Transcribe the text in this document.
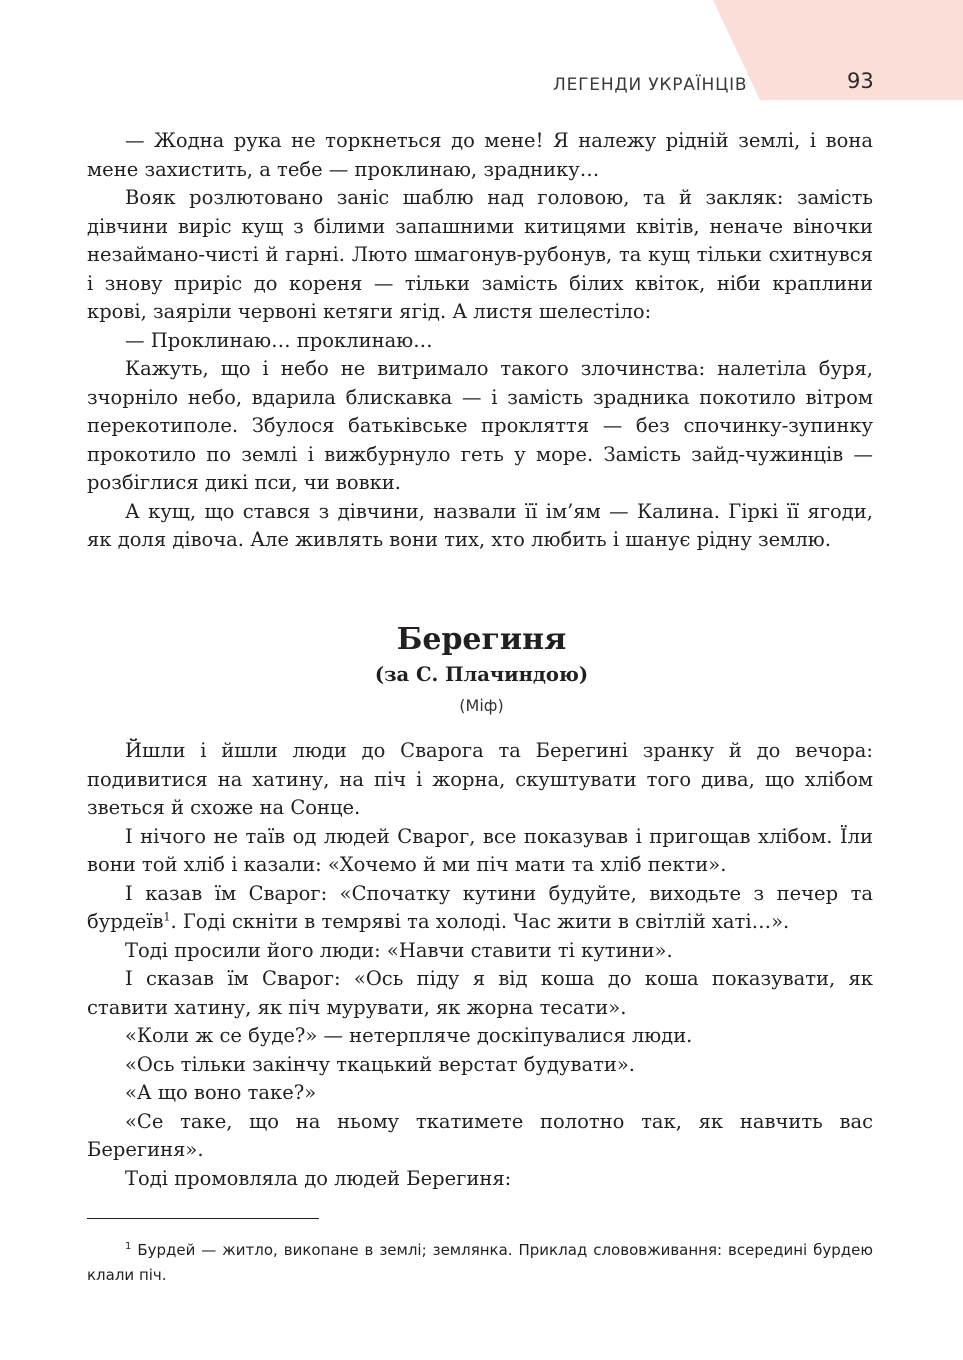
ЛЕГЕНДИ УКРАЇНЦІВ	93

— Жодна рука не торкнеться до мене! Я належу рідній землі, і вона мене захистить, а тебе — проклинаю, зраднику…

Вояк розлютовано заніс шаблю над головою, та й закляк: замість дівчини виріс кущ з білими запашними китицями квітів, неначе віночки незаймано-чисті й гарні. Люто шмагонув-рубонув, та кущ тільки схитнувся і знову приріс до кореня — тільки замість білих квіток, ніби краплини крові, заяріли червоні кетяги ягід. А листя шелестіло:

— Проклинаю… проклинаю…

Кажуть, що і небо не витримало такого злочинства: налетіла буря, зчорніло небо, вдарила блискавка — і замість зрадника покотило вітром перекотиполе. Збулося батьківське прокляття — без спочинку-зупинку прокотило по землі і вижбурнуло геть у море. Замість зайд-чужинців — розбіглися дикі пси, чи вовки.

А кущ, що стався з дівчини, назвали її ім’ям — Калина. Гіркі її ягоди, як доля дівоча. Але живлять вони тих, хто любить і шанує рідну землю.

Берегиня
(за С. Плачиндою)
(Міф)

Йшли і йшли люди до Сварога та Берегині зранку й до вечора: подивитися на хатину, на піч і жорна, скуштувати того дива, що хлібом зветься й схоже на Сонце.

І нічого не таїв од людей Сварог, все показував і пригощав хлібом. Їли вони той хліб і казали: «Хочемо й ми піч мати та хліб пекти».

І казав їм Сварог: «Спочатку кутини будуйте, виходьте з печер та бурдеїв$^1$. Годі скніти в темряві та холоді. Час жити в світлій хаті…».

Тоді просили його люди: «Навчи ставити ті кутини».

І сказав їм Сварог: «Ось піду я від коша до коша показувати, як ставити хатину, як піч мурувати, як жорна тесати».

«Коли ж се буде?» — нетерпляче доскіпувалися люди.

«Ось тільки закінчу ткацький верстат будувати».

«А що воно таке?»

«Се таке, що на ньому ткатимете полотно так, як навчить вас Берегиня».

Тоді промовляла до людей Берегиня:

$^1$ Бурдей — житло, викопане в землі; землянка. Приклад слововживання: всередині бурдею клали піч.
